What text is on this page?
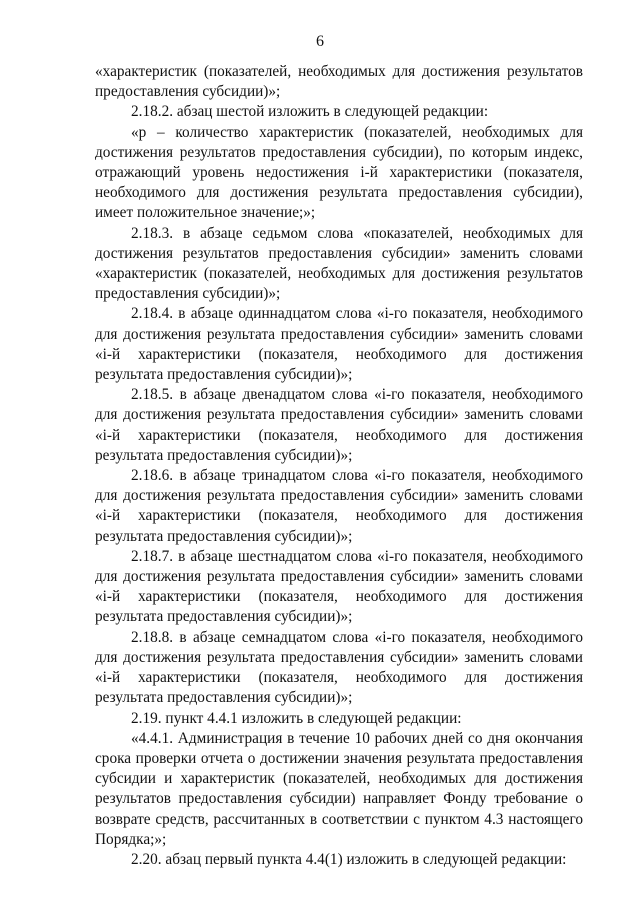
6

«характеристик (показателей, необходимых для достижения результатов предоставления субсидии)»;

2.18.2. абзац шестой изложить в следующей редакции:

«p – количество характеристик (показателей, необходимых для достижения результатов предоставления субсидии), по которым индекс, отражающий уровень недостижения i-й характеристики (показателя, необходимого для достижения результата предоставления субсидии), имеет положительное значение;»;

2.18.3. в абзаце седьмом слова «показателей, необходимых для достижения результатов предоставления субсидии» заменить словами «характеристик (показателей, необходимых для достижения результатов предоставления субсидии)»;

2.18.4. в абзаце одиннадцатом слова «i-го показателя, необходимого для достижения результата предоставления субсидии» заменить словами «i-й характеристики (показателя, необходимого для достижения результата предоставления субсидии)»;

2.18.5. в абзаце двенадцатом слова «i-го показателя, необходимого для достижения результата предоставления субсидии» заменить словами «i-й характеристики (показателя, необходимого для достижения результата предоставления субсидии)»;

2.18.6. в абзаце тринадцатом слова «i-го показателя, необходимого для достижения результата предоставления субсидии» заменить словами «i-й характеристики (показателя, необходимого для достижения результата предоставления субсидии)»;

2.18.7. в абзаце шестнадцатом слова «i-го показателя, необходимого для достижения результата предоставления субсидии» заменить словами «i-й характеристики (показателя, необходимого для достижения результата предоставления субсидии)»;

2.18.8. в абзаце семнадцатом слова «i-го показателя, необходимого для достижения результата предоставления субсидии» заменить словами «i-й характеристики (показателя, необходимого для достижения результата предоставления субсидии)»;

2.19. пункт 4.4.1 изложить в следующей редакции:

«4.4.1. Администрация в течение 10 рабочих дней со дня окончания срока проверки отчета о достижении значения результата предоставления субсидии и характеристик (показателей, необходимых для достижения результатов предоставления субсидии) направляет Фонду требование о возврате средств, рассчитанных в соответствии с пунктом 4.3 настоящего Порядка;»;

2.20. абзац первый пункта 4.4(1) изложить в следующей редакции:
